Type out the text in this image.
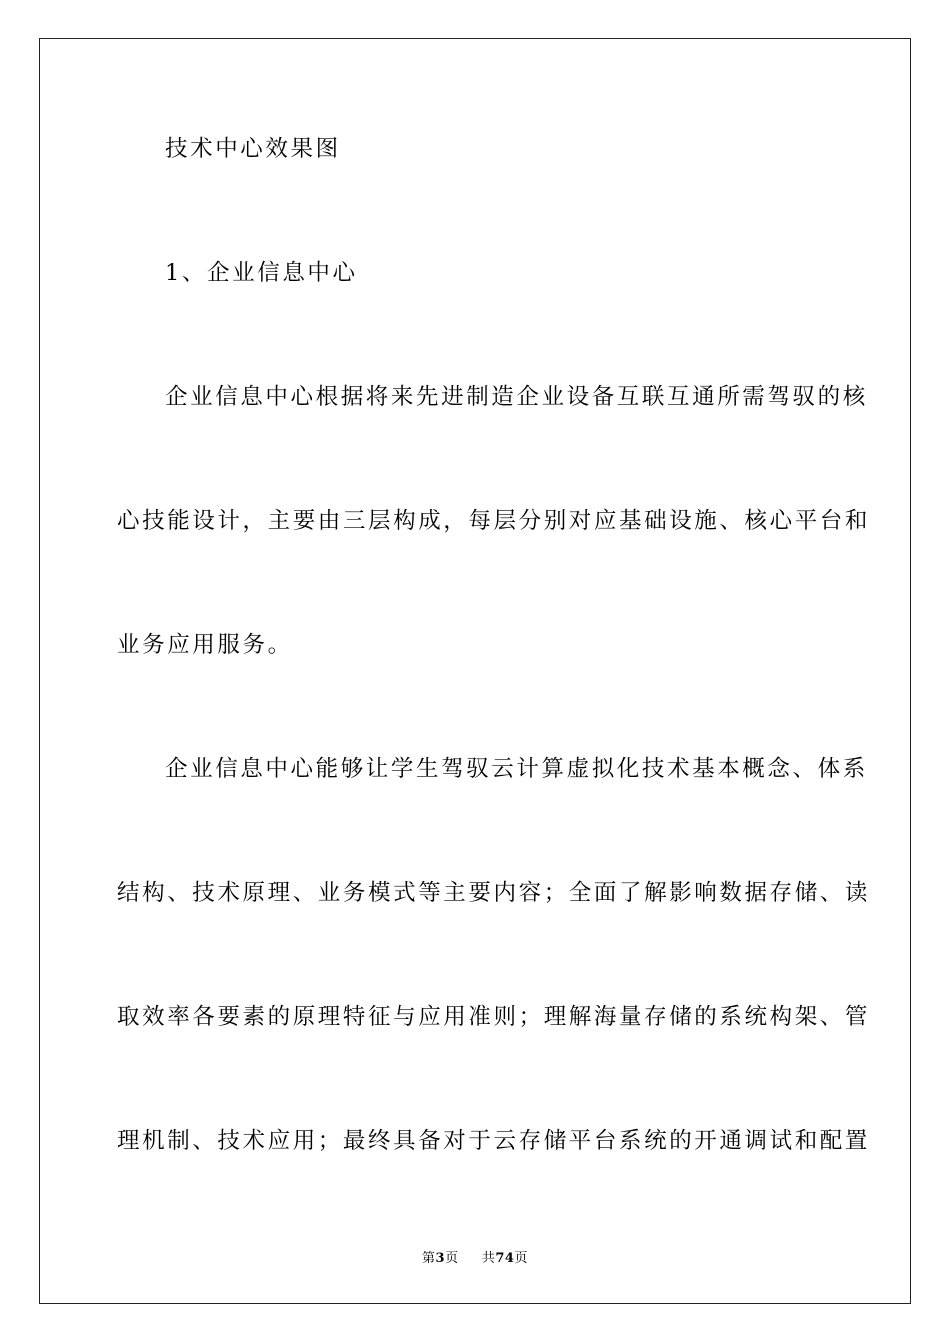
技术中心效果图

1、企业信息中心

企业信息中心根据将来先进制造企业设备互联互通所需驾驭的核

心技能设计，主要由三层构成，每层分别对应基础设施、核心平台和

业务应用服务。

企业信息中心能够让学生驾驭云计算虚拟化技术基本概念、体系

结构、技术原理、业务模式等主要内容；全面了解影响数据存储、读

取效率各要素的原理特征与应用准则；理解海量存储的系统构架、管

理机制、技术应用；最终具备对于云存储平台系统的开通调试和配置

第3页 共74页
